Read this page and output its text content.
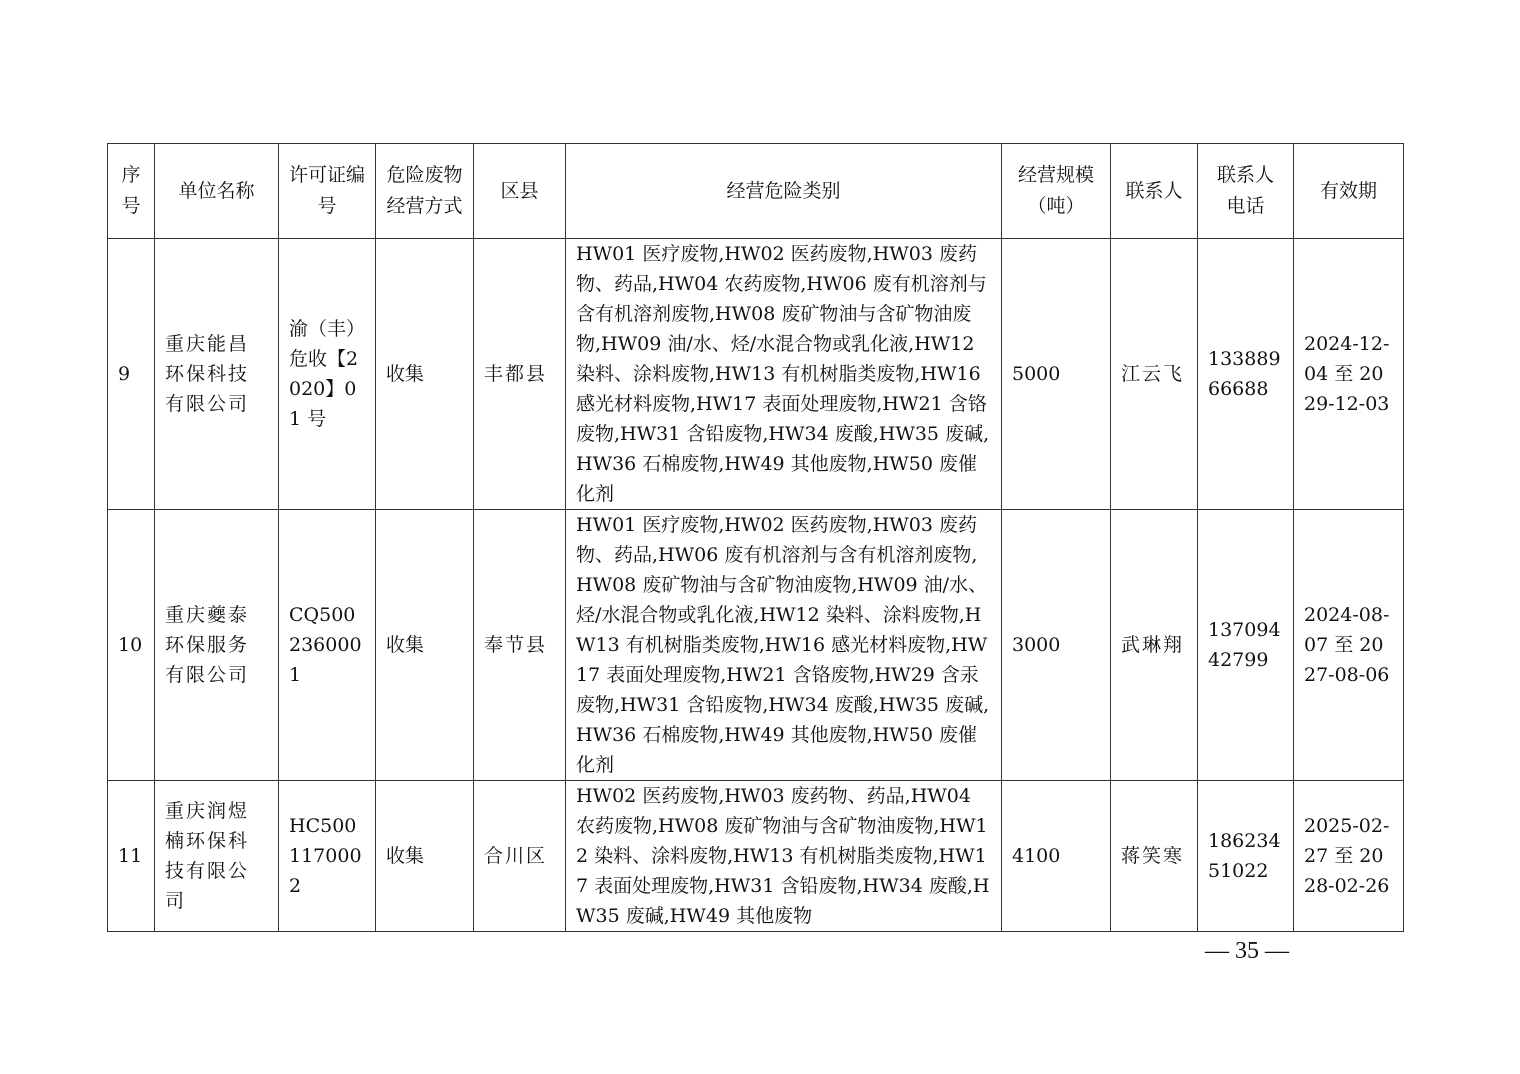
序号	单位名称	许可证编号	危险废物经营方式	区县	经营危险类别	经营规模（吨）	联系人	联系人电话	有效期
9	重庆能昌环保科技有限公司	渝（丰）危收【2020】01 号	收集	丰都县	HW01 医疗废物,HW02 医药废物,HW03 废药物、药品,HW04 农药废物,HW06 废有机溶剂与含有机溶剂废物,HW08 废矿物油与含矿物油废物,HW09 油/水、烃/水混合物或乳化液,HW12 染料、涂料废物,HW13 有机树脂类废物,HW16 感光材料废物,HW17 表面处理废物,HW21 含铬废物,HW31 含铅废物,HW34 废酸,HW35 废碱,HW36 石棉废物,HW49 其他废物,HW50 废催化剂	5000	江云飞	13388966688	2024-12-04 至 2029-12-03
10	重庆夔泰环保服务有限公司	CQ5002360001	收集	奉节县	HW01 医疗废物,HW02 医药废物,HW03 废药物、药品,HW06 废有机溶剂与含有机溶剂废物,HW08 废矿物油与含矿物油废物,HW09 油/水、烃/水混合物或乳化液,HW12 染料、涂料废物,HW13 有机树脂类废物,HW16 感光材料废物,HW17 表面处理废物,HW21 含铬废物,HW29 含汞废物,HW31 含铅废物,HW34 废酸,HW35 废碱,HW36 石棉废物,HW49 其他废物,HW50 废催化剂	3000	武琳翔	13709442799	2024-08-07 至 2027-08-06
11	重庆润煜楠环保科技有限公司	HC5001170002	收集	合川区	HW02 医药废物,HW03 废药物、药品,HW04 农药废物,HW08 废矿物油与含矿物油废物,HW12 染料、涂料废物,HW13 有机树脂类废物,HW17 表面处理废物,HW31 含铅废物,HW34 废酸,HW35 废碱,HW49 其他废物	4100	蒋笑寒	18623451022	2025-02-27 至 2028-02-26
— 35 —
